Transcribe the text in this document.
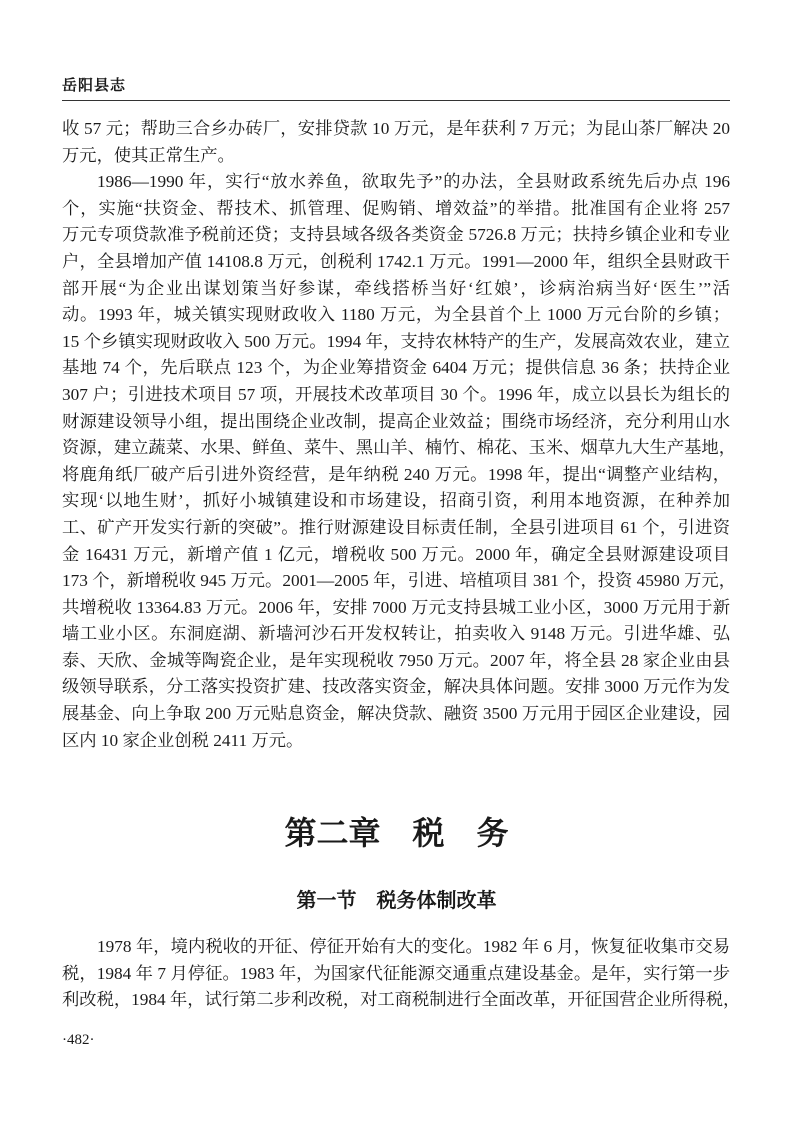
岳阳县志
收 57 元；帮助三合乡办砖厂，安排贷款 10 万元，是年获利 7 万元；为昆山茶厂解决 20
万元，使其正常生产。
1986—1990 年，实行“放水养鱼，欲取先予”的办法，全县财政系统先后办点 196
个，实施“扶资金、帮技术、抓管理、促购销、增效益”的举措。批准国有企业将 257
万元专项贷款准予税前还贷；支持县域各级各类资金 5726.8 万元；扶持乡镇企业和专业
户，全县增加产值 14108.8 万元，创税利 1742.1 万元。1991—2000 年，组织全县财政干
部开展“为企业出谋划策当好参谋，牵线搭桥当好‘红娘’，诊病治病当好‘医生’”活
动。1993 年，城关镇实现财政收入 1180 万元，为全县首个上 1000 万元台阶的乡镇；
15 个乡镇实现财政收入 500 万元。1994 年，支持农林特产的生产，发展高效农业，建立
基地 74 个，先后联点 123 个，为企业筹措资金 6404 万元；提供信息 36 条；扶持企业
307 户；引进技术项目 57 项，开展技术改革项目 30 个。1996 年，成立以县长为组长的
财源建设领导小组，提出围绕企业改制，提高企业效益；围绕市场经济，充分利用山水
资源，建立蔬菜、水果、鲜鱼、菜牛、黑山羊、楠竹、棉花、玉米、烟草九大生产基地，
将鹿角纸厂破产后引进外资经营，是年纳税 240 万元。1998 年，提出“调整产业结构，
实现‘以地生财’，抓好小城镇建设和市场建设，招商引资，利用本地资源，在种养加
工、矿产开发实行新的突破”。推行财源建设目标责任制，全县引进项目 61 个，引进资
金 16431 万元，新增产值 1 亿元，增税收 500 万元。2000 年，确定全县财源建设项目
173 个，新增税收 945 万元。2001—2005 年，引进、培植项目 381 个，投资 45980 万元，
共增税收 13364.83 万元。2006 年，安排 7000 万元支持县城工业小区，3000 万元用于新
墙工业小区。东洞庭湖、新墙河沙石开发权转让，拍卖收入 9148 万元。引进华雄、弘
泰、天欣、金城等陶瓷企业，是年实现税收 7950 万元。2007 年，将全县 28 家企业由县
级领导联系，分工落实投资扩建、技改落实资金，解决具体问题。安排 3000 万元作为发
展基金、向上争取 200 万元贴息资金，解决贷款、融资 3500 万元用于园区企业建设，园
区内 10 家企业创税 2411 万元。
第二章　税　务
第一节　税务体制改革
1978 年，境内税收的开征、停征开始有大的变化。1982 年 6 月，恢复征收集市交易
税，1984 年 7 月停征。1983 年，为国家代征能源交通重点建设基金。是年，实行第一步
利改税，1984 年，试行第二步利改税，对工商税制进行全面改革，开征国营企业所得税，
·482·
